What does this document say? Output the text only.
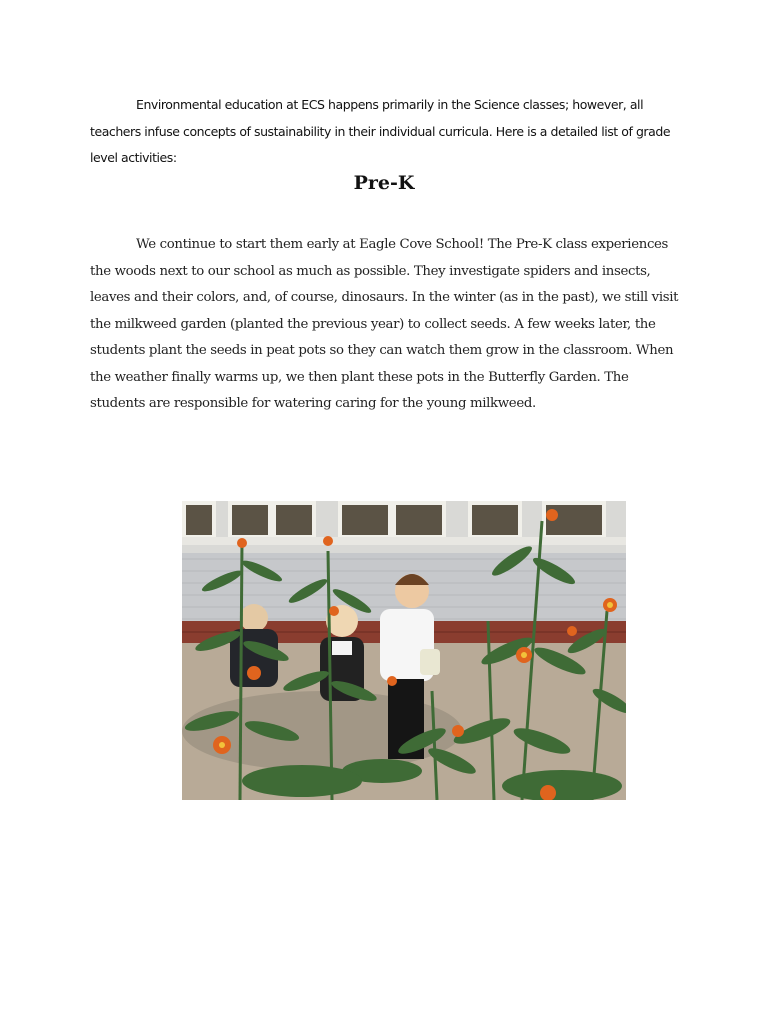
Environmental education at ECS happens primarily in the Science classes; however, all teachers infuse concepts of sustainability in their individual curricula. Here is a detailed list of grade level activities:

Pre-K

We continue to start them early at Eagle Cove School! The Pre-K class experiences the woods next to our school as much as possible. They investigate spiders and insects, leaves and their colors, and, of course, dinosaurs. In the winter (as in the past), we still visit the milkweed garden (planted the previous year) to collect seeds. A few weeks later, the students plant the seeds in peat pots so they can watch them grow in the classroom. When the weather finally warms up, we then plant these pots in the Butterfly Garden. The students are responsible for watering caring for the young milkweed.
